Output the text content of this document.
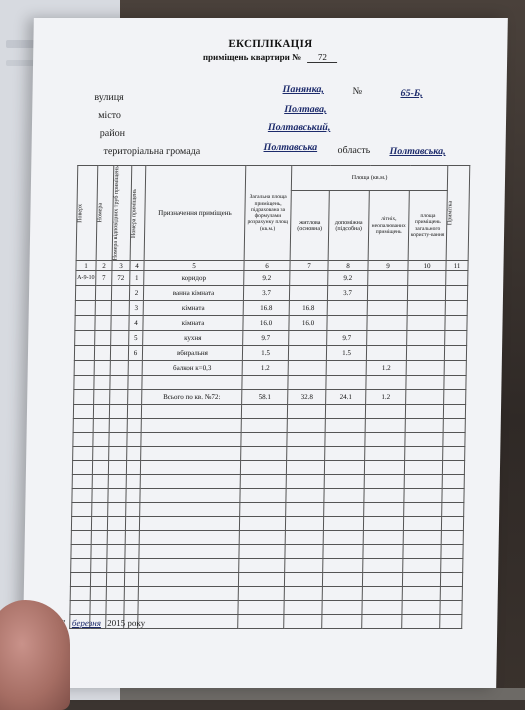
ЕКСПЛІКАЦІЯ
приміщень квартири № 72
вулиця
Панянка,	№	65-Б,
місто
Полтава,
район
Полтавський,
територіальна громада	Полтавська область Полтавська,
Поверх	Номера	Номера відповідних труб приміщень	Номера приміщень	Призначення приміщень	Загальна площа приміщень, підрахована за формулами розрахунку площ (кв.м.)	Площа (кв.м.)				Примітка

						житлова (основна)	допоміжна (підсобна)	літніх, неопалюваних приміщень	площа приміщень загального користу-вання	
1	2	3	4	5	6	7	8	9	10	11
А-9-10	7	72	1	коридор	9.2		9.2			
			2	ванна кімната	3.7		3.7			
			3	кімната	16.8	16.8				
			4	кімната	16.0	16.0				
			5	кухня	9.7		9.7			
			6	вбиральня	1.5		1.5			
				балкон к=0,3	1.2			1.2		

				Всього по кв. №72:	58.1	32.8	24.1	1.2		

березня 2015 року
